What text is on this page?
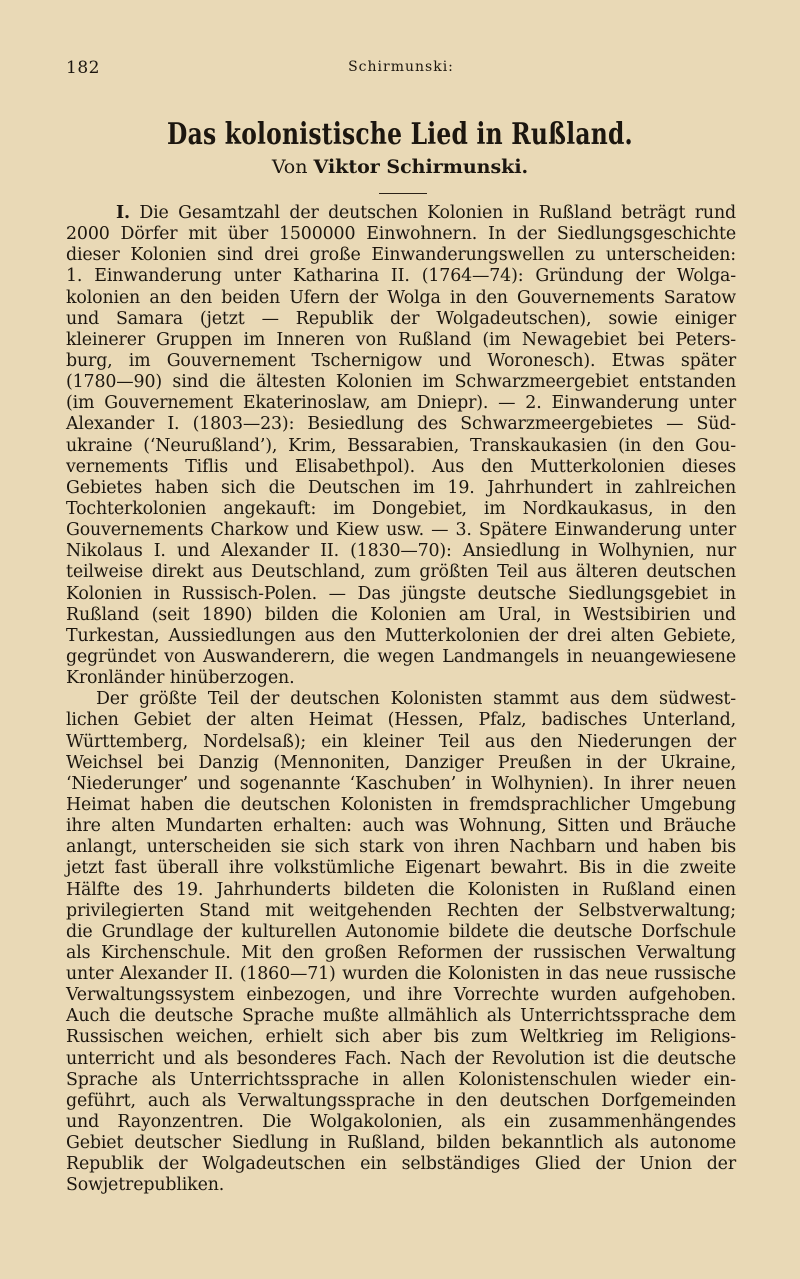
182	Schirmunski:
Das kolonistische Lied in Rußland.
Von Viktor Schirmunski.
I. Die Gesamtzahl der deutschen Kolonien in Rußland beträgt rund
2000 Dörfer mit über 1500000 Einwohnern. In der Siedlungsgeschichte
dieser Kolonien sind drei große Einwanderungswellen zu unterscheiden:
1. Einwanderung unter Katharina II. (1764—74): Gründung der Wolga-
kolonien an den beiden Ufern der Wolga in den Gouvernements Saratow
und Samara (jetzt — Republik der Wolgadeutschen), sowie einiger
kleinerer Gruppen im Inneren von Rußland (im Newagebiet bei Peters-
burg, im Gouvernement Tschernigow und Woronesch). Etwas später
(1780—90) sind die ältesten Kolonien im Schwarzmeergebiet entstanden
(im Gouvernement Ekaterinoslaw, am Dniepr). — 2. Einwanderung unter
Alexander I. (1803—23): Besiedlung des Schwarzmeergebietes — Süd-
ukraine (‘Neurußland’), Krim, Bessarabien, Transkaukasien (in den Gou-
vernements Tiflis und Elisabethpol). Aus den Mutterkolonien dieses
Gebietes haben sich die Deutschen im 19. Jahrhundert in zahlreichen
Tochterkolonien angekauft: im Dongebiet, im Nordkaukasus, in den
Gouvernements Charkow und Kiew usw. — 3. Spätere Einwanderung unter
Nikolaus I. und Alexander II. (1830—70): Ansiedlung in Wolhynien, nur
teilweise direkt aus Deutschland, zum größten Teil aus älteren deutschen
Kolonien in Russisch-Polen. — Das jüngste deutsche Siedlungsgebiet in
Rußland (seit 1890) bilden die Kolonien am Ural, in Westsibirien und
Turkestan, Aussiedlungen aus den Mutterkolonien der drei alten Gebiete,
gegründet von Auswanderern, die wegen Landmangels in neuangewiesene
Kronländer hinüberzogen.
Der größte Teil der deutschen Kolonisten stammt aus dem südwest-
lichen Gebiet der alten Heimat (Hessen, Pfalz, badisches Unterland,
Württemberg, Nordelsaß); ein kleiner Teil aus den Niederungen der
Weichsel bei Danzig (Mennoniten, Danziger Preußen in der Ukraine,
‘Niederunger’ und sogenannte ‘Kaschuben’ in Wolhynien). In ihrer neuen
Heimat haben die deutschen Kolonisten in fremdsprachlicher Umgebung
ihre alten Mundarten erhalten: auch was Wohnung, Sitten und Bräuche
anlangt, unterscheiden sie sich stark von ihren Nachbarn und haben bis
jetzt fast überall ihre volkstümliche Eigenart bewahrt. Bis in die zweite
Hälfte des 19. Jahrhunderts bildeten die Kolonisten in Rußland einen
privilegierten Stand mit weitgehenden Rechten der Selbstverwaltung;
die Grundlage der kulturellen Autonomie bildete die deutsche Dorfschule
als Kirchenschule. Mit den großen Reformen der russischen Verwaltung
unter Alexander II. (1860—71) wurden die Kolonisten in das neue russische
Verwaltungssystem einbezogen, und ihre Vorrechte wurden aufgehoben.
Auch die deutsche Sprache mußte allmählich als Unterrichtssprache dem
Russischen weichen, erhielt sich aber bis zum Weltkrieg im Religions-
unterricht und als besonderes Fach. Nach der Revolution ist die deutsche
Sprache als Unterrichtssprache in allen Kolonistenschulen wieder ein-
geführt, auch als Verwaltungssprache in den deutschen Dorfgemeinden
und Rayonzentren. Die Wolgakolonien, als ein zusammenhängendes
Gebiet deutscher Siedlung in Rußland, bilden bekanntlich als autonome
Republik der Wolgadeutschen ein selbständiges Glied der Union der
Sowjetrepubliken.
